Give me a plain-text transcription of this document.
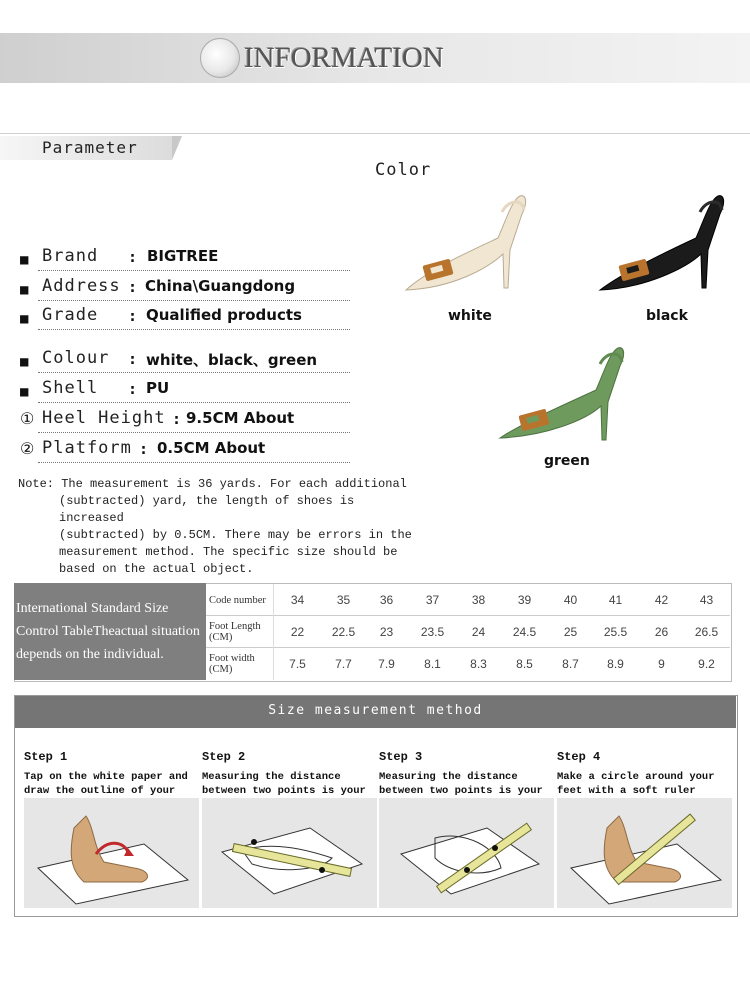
INFORMATION
Parameter
Color
■ Brand : BIGTREE
■ Address : China\Guangdong
■ Grade : Qualified products
■ Colour : white、black、green
■ Shell : PU
① Heel Height : 9.5CM About
② Platform : 0.5CM About
Note: The measurement is 36 yards. For each additional
(subtracted) yard, the length of shoes is increased
(subtracted) by 0.5CM. There may be errors in the
measurement method. The specific size should be
based on the actual object.
white	black
green
International Standard Size
Control TableTheactual situation
depends on the individual.
Code number	34	35	36	37	38	39	40	41	42	43
Foot Length (CM)	22	22.5	23	23.5	24	24.5	25	25.5	26	26.5
Foot width (CM)	7.5	7.7	7.9	8.1	8.3	8.5	8.7	8.9	9	9.2
Size measurement method
Step 1
Tap on the white paper and draw the outline of your footsteps
Step 2
Measuring the distance between two points is your foot length.
Step 3
Measuring the distance between two points is your foot width.
Step 4
Make a circle around your feet with a soft ruler
